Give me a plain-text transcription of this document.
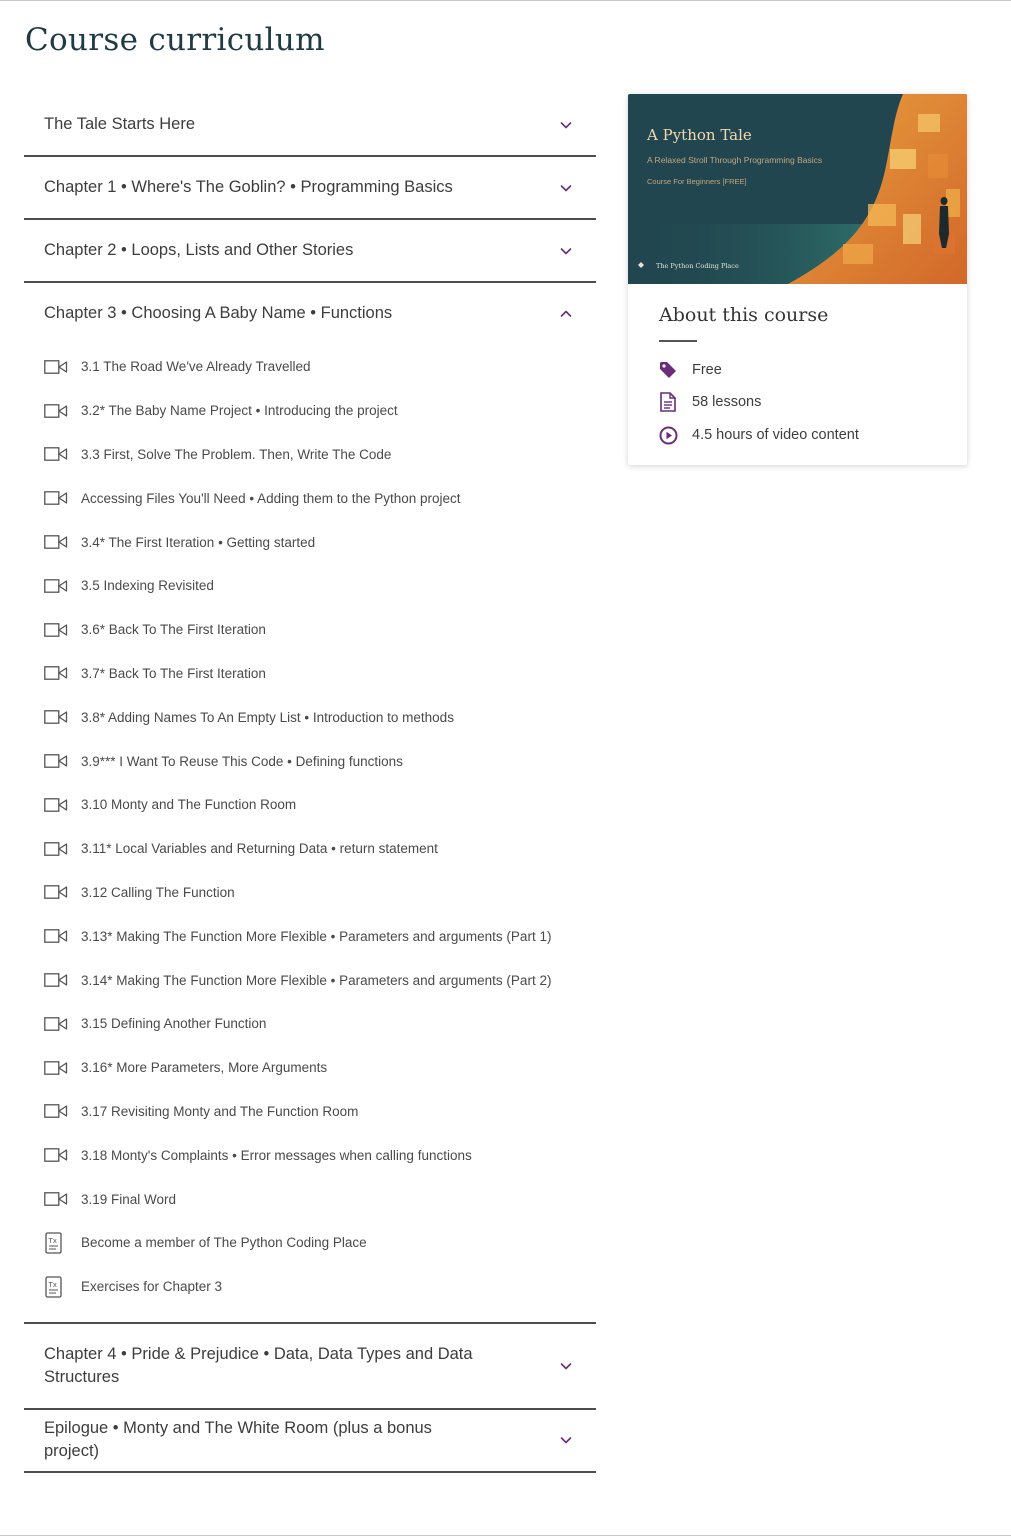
Course curriculum
The Tale Starts Here
Chapter 1 • Where's The Goblin? • Programming Basics
Chapter 2 • Loops, Lists and Other Stories
Chapter 3 • Choosing A Baby Name • Functions
3.1 The Road We've Already Travelled
3.2* The Baby Name Project • Introducing the project
3.3 First, Solve The Problem. Then, Write The Code
Accessing Files You'll Need • Adding them to the Python project
3.4* The First Iteration • Getting started
3.5 Indexing Revisited
3.6* Back To The First Iteration
3.7* Back To The First Iteration
3.8* Adding Names To An Empty List • Introduction to methods
3.9*** I Want To Reuse This Code • Defining functions
3.10 Monty and The Function Room
3.11* Local Variables and Returning Data • return statement
3.12 Calling The Function
3.13* Making The Function More Flexible • Parameters and arguments (Part 1)
3.14* Making The Function More Flexible • Parameters and arguments (Part 2)
3.15 Defining Another Function
3.16* More Parameters, More Arguments
3.17 Revisiting Monty and The Function Room
3.18 Monty's Complaints • Error messages when calling functions
3.19 Final Word
Tx Become a member of The Python Coding Place
Tx Exercises for Chapter 3
Chapter 4 • Pride & Prejudice • Data, Data Types and Data Structures
Epilogue • Monty and The White Room (plus a bonus project)
A Python Tale
A Relaxed Stroll Through Programming Basics
Course For Beginners [FREE]
The Python Coding Place
About this course
Free
58 lessons
4.5 hours of video content
